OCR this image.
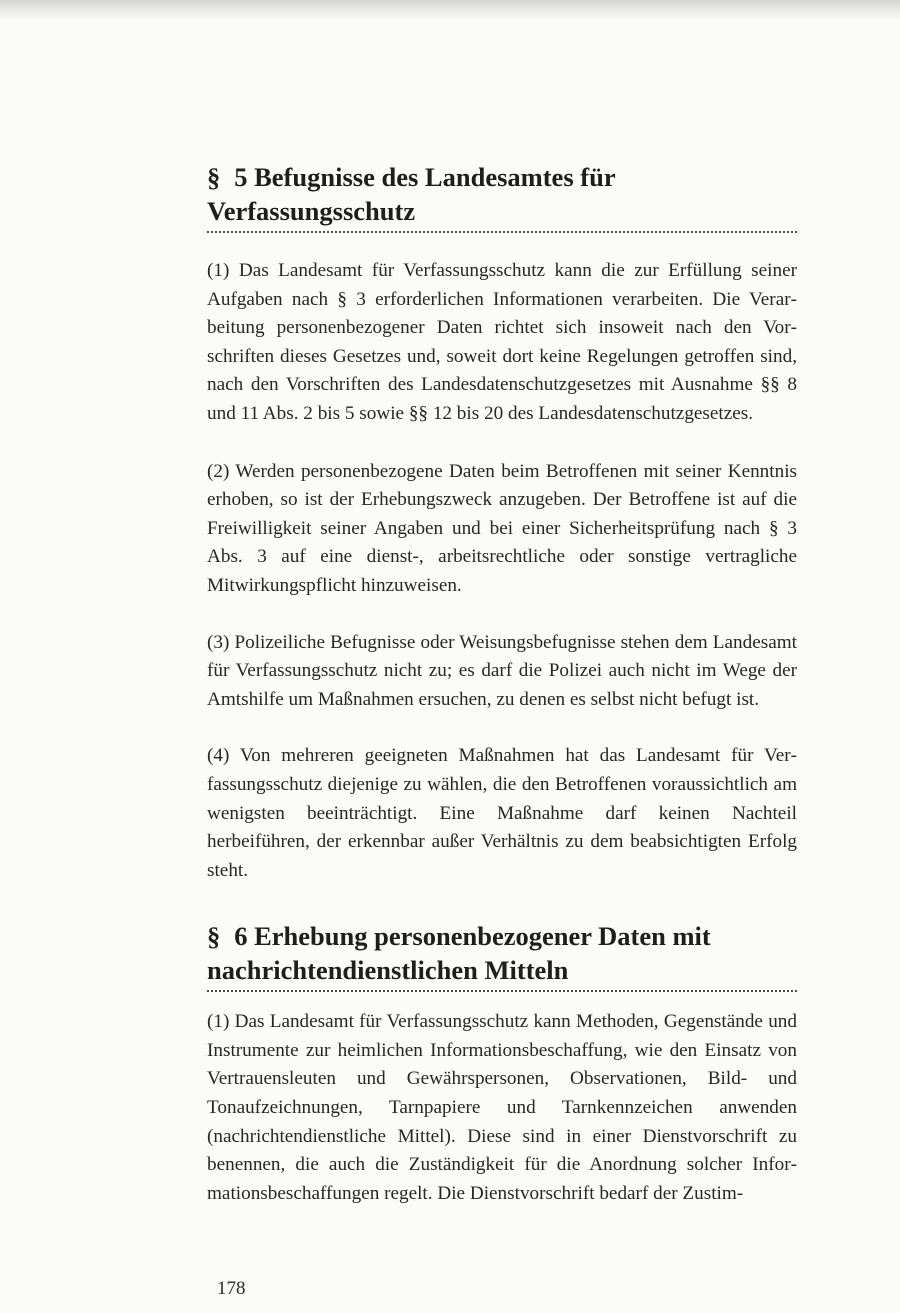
§ 5 Befugnisse des Landesamtes für Verfassungsschutz

(1) Das Landesamt für Verfassungsschutz kann die zur Erfüllung seiner Aufgaben nach § 3 erforderlichen Informationen verarbeiten. Die Verarbeitung personenbezogener Daten richtet sich insoweit nach den Vorschriften dieses Gesetzes und, soweit dort keine Regelungen getroffen sind, nach den Vorschriften des Landesdatenschutzgesetzes mit Ausnahme §§ 8 und 11 Abs. 2 bis 5 sowie §§ 12 bis 20 des Landesdatenschutzgesetzes.

(2) Werden personenbezogene Daten beim Betroffenen mit seiner Kenntnis erhoben, so ist der Erhebungszweck anzugeben. Der Betroffene ist auf die Freiwilligkeit seiner Angaben und bei einer Sicherheitsprüfung nach § 3 Abs. 3 auf eine dienst-, arbeitsrechtliche oder sonstige vertragliche Mitwirkungspflicht hinzuweisen.

(3) Polizeiliche Befugnisse oder Weisungsbefugnisse stehen dem Landesamt für Verfassungsschutz nicht zu; es darf die Polizei auch nicht im Wege der Amtshilfe um Maßnahmen ersuchen, zu denen es selbst nicht befugt ist.

(4) Von mehreren geeigneten Maßnahmen hat das Landesamt für Verfassungsschutz diejenige zu wählen, die den Betroffenen voraussichtlich am wenigsten beeinträchtigt. Eine Maßnahme darf keinen Nachteil herbeiführen, der erkennbar außer Verhältnis zu dem beabsichtigten Erfolg steht.

§ 6 Erhebung personenbezogener Daten mit nachrichtendienstlichen Mitteln

(1) Das Landesamt für Verfassungsschutz kann Methoden, Gegenstände und Instrumente zur heimlichen Informationsbeschaffung, wie den Einsatz von Vertrauensleuten und Gewährspersonen, Observationen, Bild- und Tonaufzeichnungen, Tarnpapiere und Tarnkennzeichen anwenden (nachrichtendienstliche Mittel). Diese sind in einer Dienstvorschrift zu benennen, die auch die Zuständigkeit für die Anordnung solcher Informationsbeschaffungen regelt. Die Dienstvorschrift bedarf der Zustim-

178
